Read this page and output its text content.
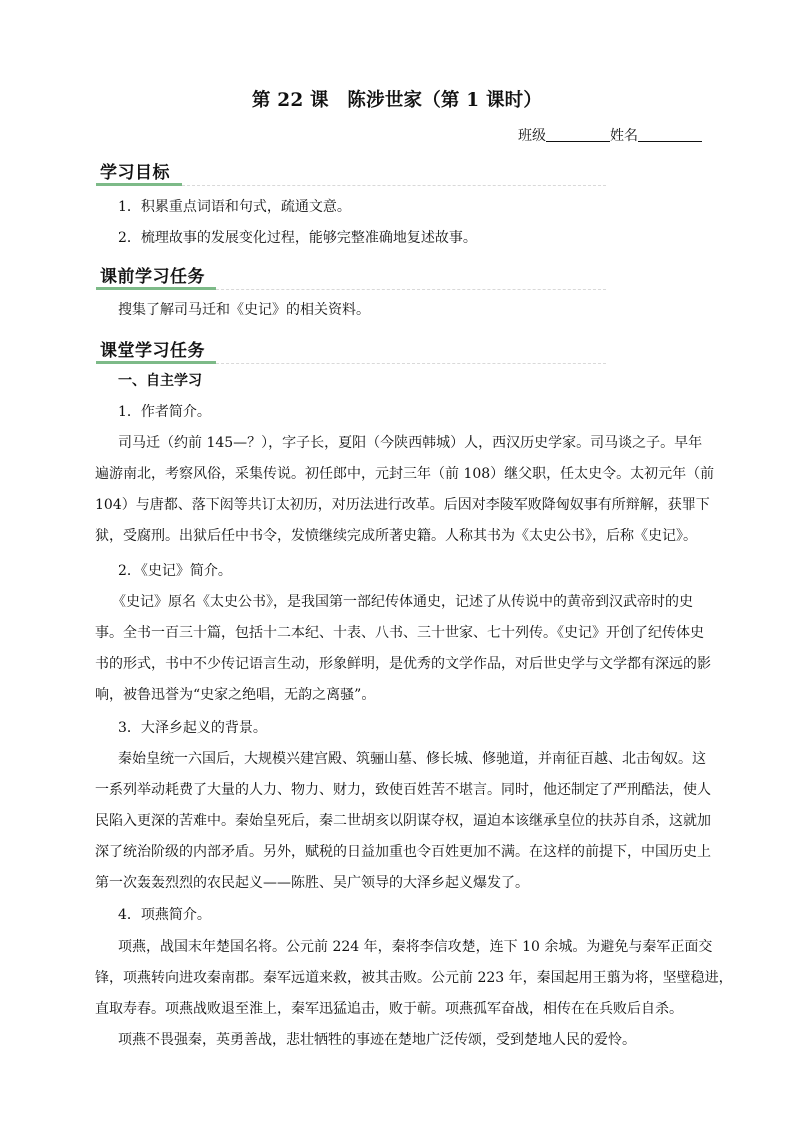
第 22 课　陈涉世家（第 1 课时）
班级	姓名
学习目标
1．积累重点词语和句式，疏通文意。
2．梳理故事的发展变化过程，能够完整准确地复述故事。
课前学习任务
搜集了解司马迁和《史记》的相关资料。
课堂学习任务
一、自主学习
1．作者简介。
司马迁（约前 145—？），字子长，夏阳（今陕西韩城）人，西汉历史学家。司马谈之子。早年
遍游南北，考察风俗，采集传说。初任郎中，元封三年（前 108）继父职，任太史令。太初元年（前
104）与唐都、落下闳等共订太初历，对历法进行改革。后因对李陵军败降匈奴事有所辩解，获罪下
狱，受腐刑。出狱后任中书令，发愤继续完成所著史籍。人称其书为《太史公书》，后称《史记》。
2．《史记》简介。
《史记》原名《太史公书》，是我国第一部纪传体通史，记述了从传说中的黄帝到汉武帝时的史
事。全书一百三十篇，包括十二本纪、十表、八书、三十世家、七十列传。《史记》开创了纪传体史
书的形式，书中不少传记语言生动，形象鲜明，是优秀的文学作品，对后世史学与文学都有深远的影
响，被鲁迅誉为“史家之绝唱，无韵之离骚”。
3．大泽乡起义的背景。
秦始皇统一六国后，大规模兴建宫殿、筑骊山墓、修长城、修驰道，并南征百越、北击匈奴。这
一系列举动耗费了大量的人力、物力、财力，致使百姓苦不堪言。同时，他还制定了严刑酷法，使人
民陷入更深的苦难中。秦始皇死后，秦二世胡亥以阴谋夺权，逼迫本该继承皇位的扶苏自杀，这就加
深了统治阶级的内部矛盾。另外，赋税的日益加重也令百姓更加不满。在这样的前提下，中国历史上
第一次轰轰烈烈的农民起义——陈胜、吴广领导的大泽乡起义爆发了。
4．项燕简介。
项燕，战国末年楚国名将。公元前 224 年，秦将李信攻楚，连下 10 余城。为避免与秦军正面交
锋，项燕转向进攻秦南郡。秦军远道来救，被其击败。公元前 223 年，秦国起用王翦为将，坚壁稳进，
直取寿春。项燕战败退至淮上，秦军迅猛追击，败于蕲。项燕孤军奋战，相传在在兵败后自杀。
项燕不畏强秦，英勇善战，悲壮牺牲的事迹在楚地广泛传颂，受到楚地人民的爱怜。
